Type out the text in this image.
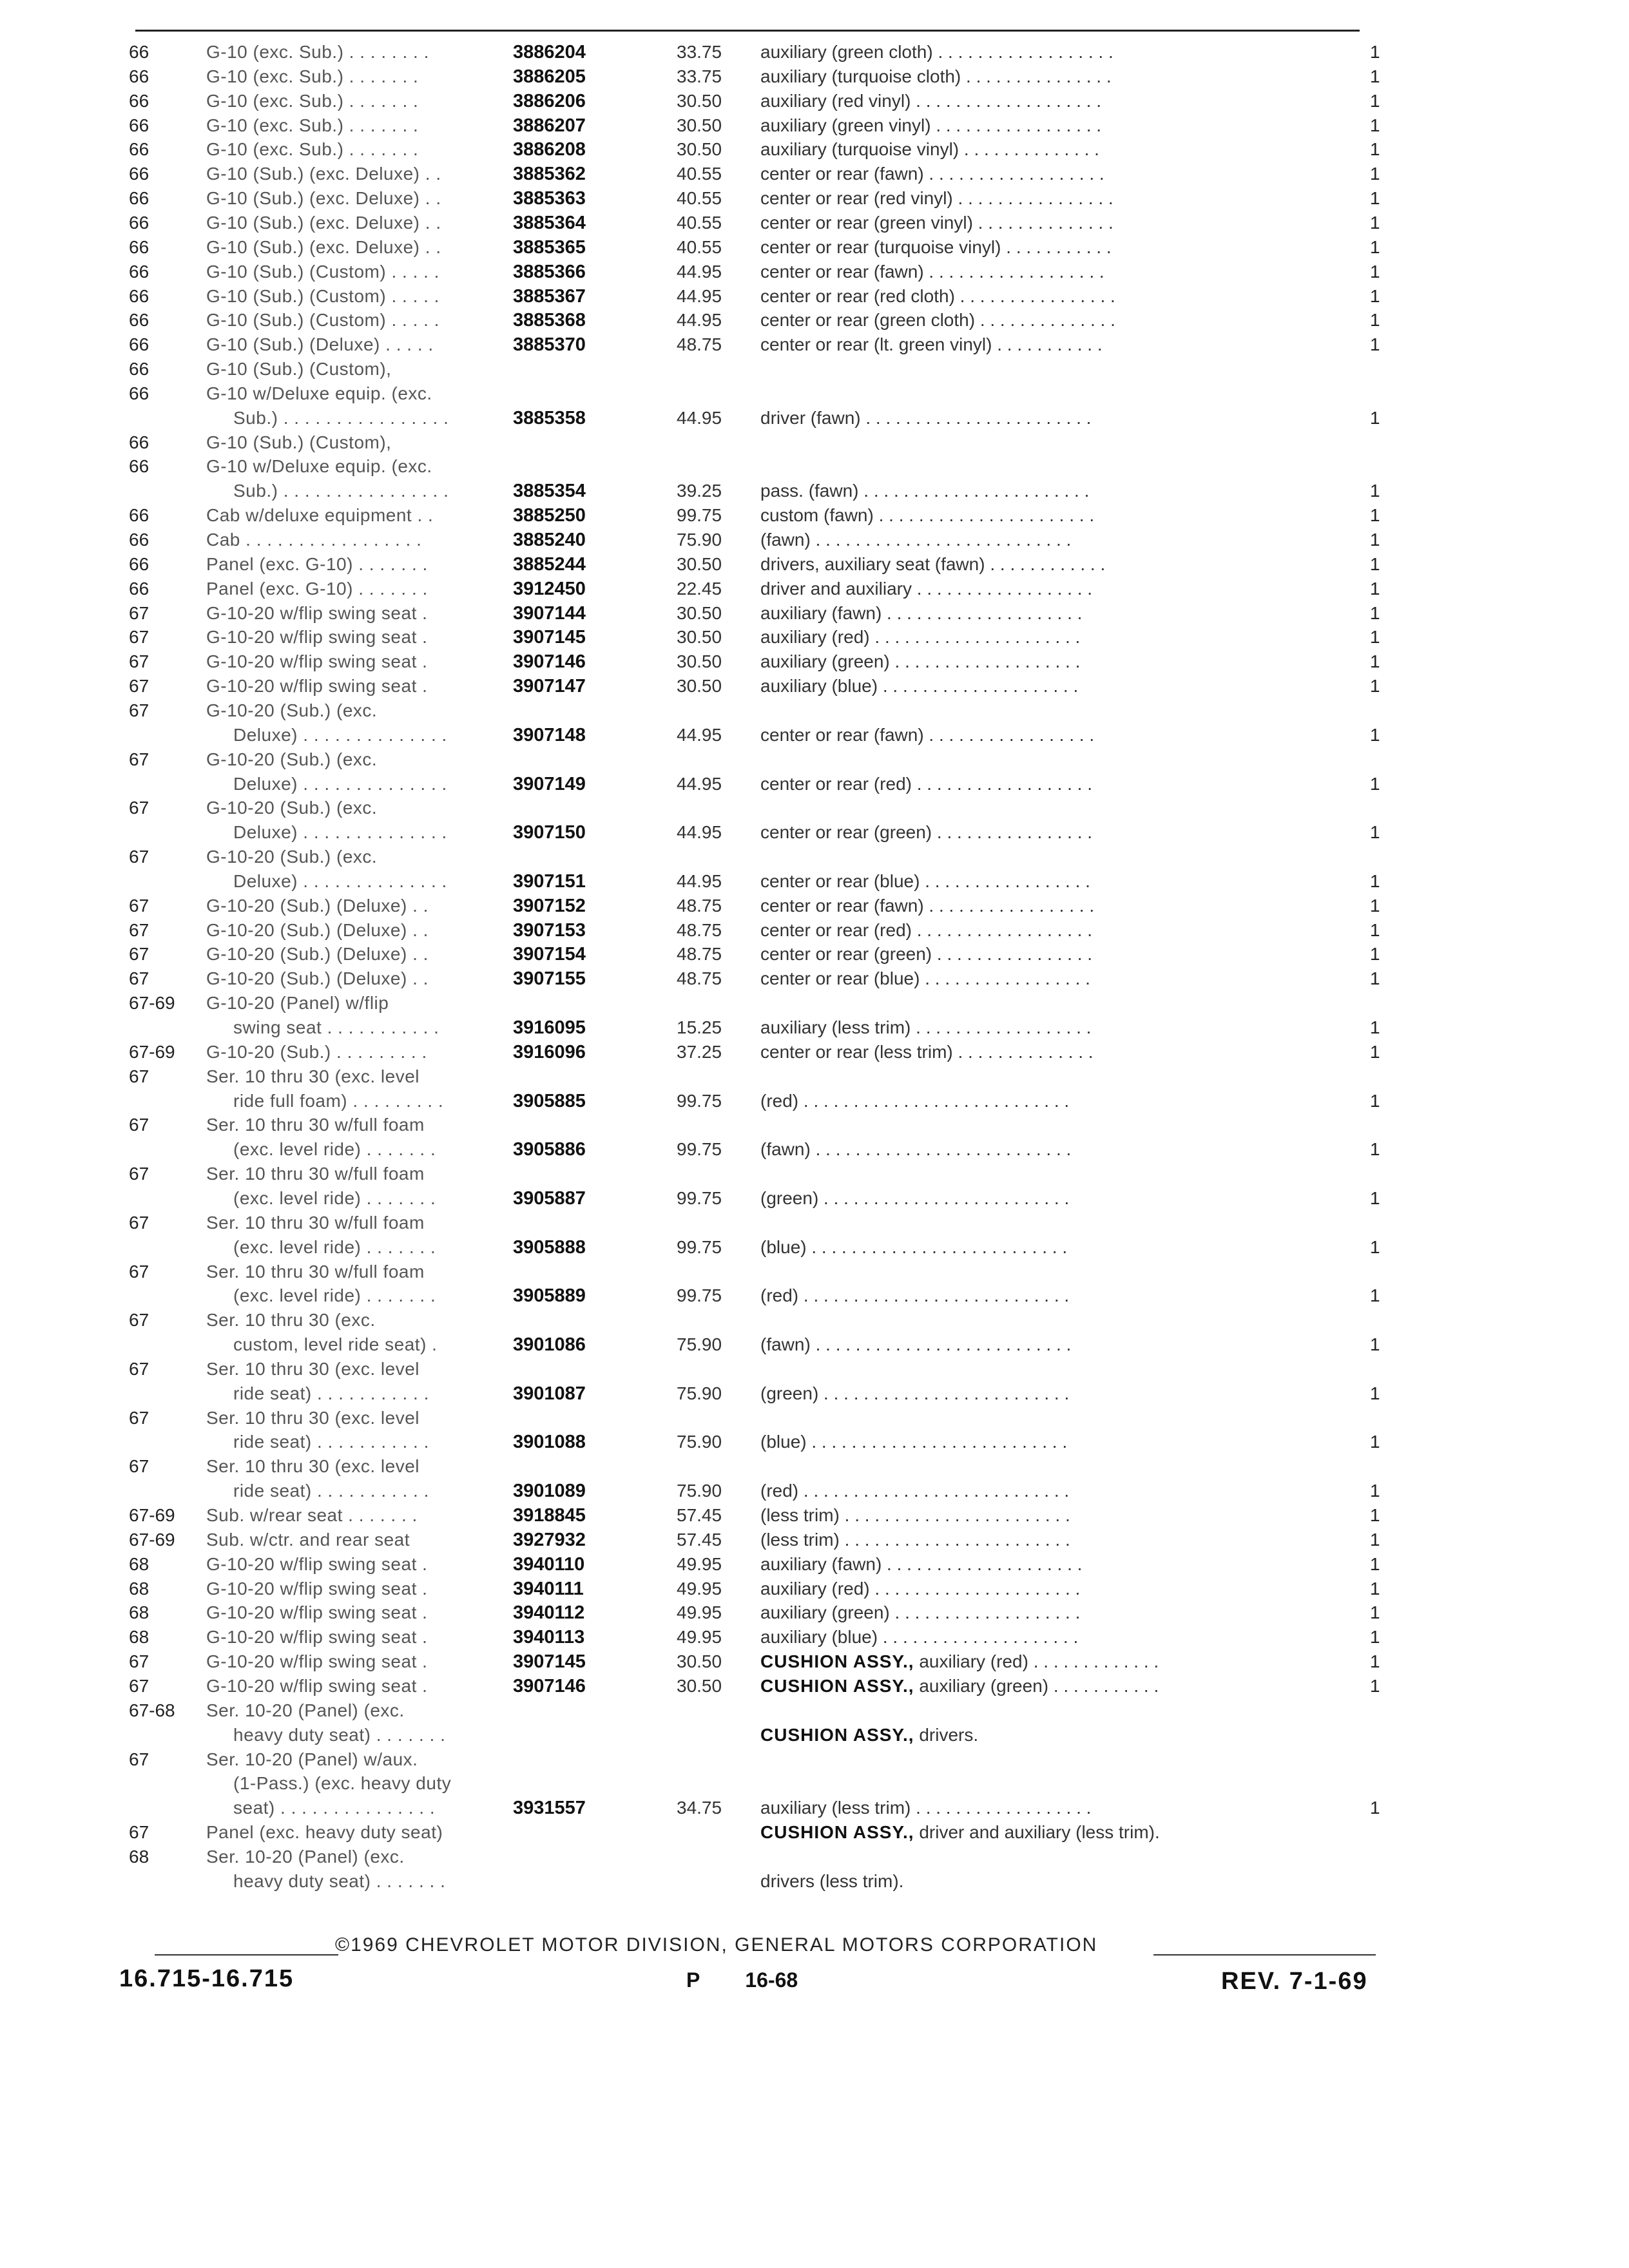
66	G-10 (exc. Sub.) . . . . . . . .	3886204	33.75 auxiliary (green cloth) . . . . . . . . . . . . . . . . . .	1
66	G-10 (exc. Sub.) . . . . . . .	3886205	33.75 auxiliary (turquoise cloth) . . . . . . . . . . . . . . .	1
66	G-10 (exc. Sub.) . . . . . . .	3886206	30.50 auxiliary (red vinyl) . . . . . . . . . . . . . . . . . . .	1
66	G-10 (exc. Sub.) . . . . . . .	3886207	30.50 auxiliary (green vinyl) . . . . . . . . . . . . . . . . .	1
66	G-10 (exc. Sub.) . . . . . . .	3886208	30.50 auxiliary (turquoise vinyl) . . . . . . . . . . . . . .	1
66	G-10 (Sub.) (exc. Deluxe) . .	3885362	40.55 center or rear (fawn) . . . . . . . . . . . . . . . . . .	1
66	G-10 (Sub.) (exc. Deluxe) . .	3885363	40.55 center or rear (red vinyl) . . . . . . . . . . . . . . . .	1
66	G-10 (Sub.) (exc. Deluxe) . .	3885364	40.55 center or rear (green vinyl) . . . . . . . . . . . . . .	1
66	G-10 (Sub.) (exc. Deluxe) . .	3885365	40.55 center or rear (turquoise vinyl) . . . . . . . . . . .	1
66	G-10 (Sub.) (Custom) . . . . .	3885366	44.95 center or rear (fawn) . . . . . . . . . . . . . . . . . .	1
66	G-10 (Sub.) (Custom) . . . . .	3885367	44.95 center or rear (red cloth) . . . . . . . . . . . . . . . .	1
66	G-10 (Sub.) (Custom) . . . . .	3885368	44.95 center or rear (green cloth) . . . . . . . . . . . . . .	1
66	G-10 (Sub.) (Deluxe) . . . . .	3885370	48.75 center or rear (lt. green vinyl) . . . . . . . . . . .	1
66	G-10 (Sub.) (Custom),
66	G-10 w/Deluxe equip. (exc.
Sub.) . . . . . . . . . . . . . . . .	3885358	44.95 driver (fawn) . . . . . . . . . . . . . . . . . . . . . . .	1
66	G-10 (Sub.) (Custom),
66	G-10 w/Deluxe equip. (exc.
Sub.) . . . . . . . . . . . . . . . .	3885354	39.25 pass. (fawn) . . . . . . . . . . . . . . . . . . . . . . .	1
66	Cab w/deluxe equipment . .	3885250	99.75 custom (fawn) . . . . . . . . . . . . . . . . . . . . . .	1
66	Cab . . . . . . . . . . . . . . . . .	3885240	75.90 (fawn) . . . . . . . . . . . . . . . . . . . . . . . . . .	1
66	Panel (exc. G-10) . . . . . . .	3885244	30.50 drivers, auxiliary seat (fawn) . . . . . . . . . . . .	1
66	Panel (exc. G-10) . . . . . . .	3912450	22.45 driver and auxiliary . . . . . . . . . . . . . . . . . .	1
67	G-10-20 w/flip swing seat .	3907144	30.50 auxiliary (fawn) . . . . . . . . . . . . . . . . . . . .	1
67	G-10-20 w/flip swing seat .	3907145	30.50 auxiliary (red) . . . . . . . . . . . . . . . . . . . . .	1
67	G-10-20 w/flip swing seat .	3907146	30.50 auxiliary (green) . . . . . . . . . . . . . . . . . . .	1
67	G-10-20 w/flip swing seat .	3907147	30.50 auxiliary (blue) . . . . . . . . . . . . . . . . . . . .	1
67	G-10-20 (Sub.) (exc.
Deluxe) . . . . . . . . . . . . . .	3907148	44.95 center or rear (fawn) . . . . . . . . . . . . . . . . .	1
67	G-10-20 (Sub.) (exc.
Deluxe) . . . . . . . . . . . . . .	3907149	44.95 center or rear (red) . . . . . . . . . . . . . . . . . .	1
67	G-10-20 (Sub.) (exc.
Deluxe) . . . . . . . . . . . . . .	3907150	44.95 center or rear (green) . . . . . . . . . . . . . . . .	1
67	G-10-20 (Sub.) (exc.
Deluxe) . . . . . . . . . . . . . .	3907151	44.95 center or rear (blue) . . . . . . . . . . . . . . . . .	1
67	G-10-20 (Sub.) (Deluxe) . .	3907152	48.75 center or rear (fawn) . . . . . . . . . . . . . . . . .	1
67	G-10-20 (Sub.) (Deluxe) . .	3907153	48.75 center or rear (red) . . . . . . . . . . . . . . . . . .	1
67	G-10-20 (Sub.) (Deluxe) . .	3907154	48.75 center or rear (green) . . . . . . . . . . . . . . . .	1
67	G-10-20 (Sub.) (Deluxe) . .	3907155	48.75 center or rear (blue) . . . . . . . . . . . . . . . . .	1
67-69 G-10-20 (Panel) w/flip
swing seat . . . . . . . . . . .	3916095	15.25 auxiliary (less trim) . . . . . . . . . . . . . . . . . .	1
67-69 G-10-20 (Sub.) . . . . . . . . .	3916096	37.25 center or rear (less trim) . . . . . . . . . . . . . .	1
67	Ser. 10 thru 30 (exc. level
ride full foam) . . . . . . . . .	3905885	99.75 (red) . . . . . . . . . . . . . . . . . . . . . . . . . . .	1
67	Ser. 10 thru 30 w/full foam
(exc. level ride) . . . . . . .	3905886	99.75 (fawn) . . . . . . . . . . . . . . . . . . . . . . . . . .	1
67	Ser. 10 thru 30 w/full foam
(exc. level ride) . . . . . . .	3905887	99.75 (green) . . . . . . . . . . . . . . . . . . . . . . . . .	1
67	Ser. 10 thru 30 w/full foam
(exc. level ride) . . . . . . .	3905888	99.75 (blue) . . . . . . . . . . . . . . . . . . . . . . . . . .	1
67	Ser. 10 thru 30 w/full foam
(exc. level ride) . . . . . . .	3905889	99.75 (red) . . . . . . . . . . . . . . . . . . . . . . . . . . .	1
67	Ser. 10 thru 30 (exc.
custom, level ride seat) .	3901086	75.90 (fawn) . . . . . . . . . . . . . . . . . . . . . . . . . .	1
67	Ser. 10 thru 30 (exc. level
ride seat) . . . . . . . . . . .	3901087	75.90 (green) . . . . . . . . . . . . . . . . . . . . . . . . .	1
67	Ser. 10 thru 30 (exc. level
ride seat) . . . . . . . . . . .	3901088	75.90 (blue) . . . . . . . . . . . . . . . . . . . . . . . . . .	1
67	Ser. 10 thru 30 (exc. level
ride seat) . . . . . . . . . . .	3901089	75.90 (red) . . . . . . . . . . . . . . . . . . . . . . . . . . .	1
67-69 Sub. w/rear seat . . . . . . .	3918845	57.45 (less trim) . . . . . . . . . . . . . . . . . . . . . . .	1
67-69 Sub. w/ctr. and rear seat	3927932	57.45 (less trim) . . . . . . . . . . . . . . . . . . . . . . .	1
68	G-10-20 w/flip swing seat .	3940110	49.95 auxiliary (fawn) . . . . . . . . . . . . . . . . . . . .	1
68	G-10-20 w/flip swing seat .	3940111	49.95 auxiliary (red) . . . . . . . . . . . . . . . . . . . . .	1
68	G-10-20 w/flip swing seat .	3940112	49.95 auxiliary (green) . . . . . . . . . . . . . . . . . . .	1
68	G-10-20 w/flip swing seat .	3940113	49.95 auxiliary (blue) . . . . . . . . . . . . . . . . . . . .	1
67	G-10-20 w/flip swing seat .	3907145	30.50 CUSHION ASSY., auxiliary (red) . . . . . . . . . . . . .	1
67	G-10-20 w/flip swing seat .	3907146	30.50 CUSHION ASSY., auxiliary (green) . . . . . . . . . . .	1
67-68 Ser. 10-20 (Panel) (exc.
heavy duty seat) . . . . . . .	CUSHION ASSY., drivers.
67	Ser. 10-20 (Panel) w/aux.
(1-Pass.) (exc. heavy duty
seat) . . . . . . . . . . . . . . .	3931557	34.75 auxiliary (less trim) . . . . . . . . . . . . . . . . . .	1
67	Panel (exc. heavy duty seat)	CUSHION ASSY., driver and auxiliary (less trim).
68	Ser. 10-20 (Panel) (exc.
heavy duty seat) . . . . . . .	drivers (less trim).
©1969 CHEVROLET MOTOR DIVISION, GENERAL MOTORS CORPORATION
16.715-16.715	P 16-68	REV. 7-1-69
